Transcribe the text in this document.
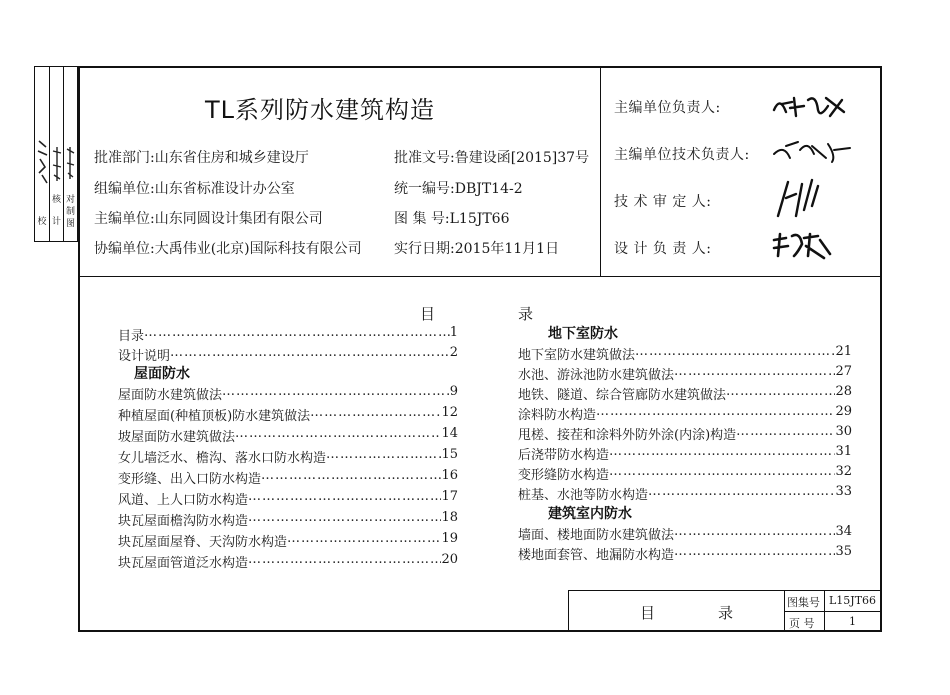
校
核
计
对
制
图
TL系列防水建筑构造
批准部门:山东省住房和城乡建设厅	批准文号:鲁建设函[2015]37号
组编单位:山东省标准设计办公室	统一编号:DBJT14-2
主编单位:山东同圆设计集团有限公司	图 集 号:L15JT66
协编单位:大禹伟业(北京)国际科技有限公司 实行日期:2015年11月1日
主编单位负责人:
主编单位技术负责人:
技 术 审 定 人:
设 计 负 责 人:
目	录
目录 …………………………………………………………………………………………………………………………………	1
设计说明 …………………………………………………………………………………………………………………………………	2
屋面防水
屋面防水建筑做法 …………………………………………………………………………………………………………………………………	9
种植屋面(种植顶板)防水建筑做法 …………………………………………………………………………………………………………………………………	12
坡屋面防水建筑做法 …………………………………………………………………………………………………………………………………	14
女儿墙泛水、檐沟、落水口防水构造 …………………………………………………………………………………………………………………………………	15
变形缝、出入口防水构造 …………………………………………………………………………………………………………………………………	16
风道、上人口防水构造 …………………………………………………………………………………………………………………………………	17
块瓦屋面檐沟防水构造 …………………………………………………………………………………………………………………………………	18
块瓦屋面屋脊、天沟防水构造 …………………………………………………………………………………………………………………………………	19
块瓦屋面管道泛水构造 …………………………………………………………………………………………………………………………………	20
地下室防水
地下室防水建筑做法 …………………………………………………………………………………………………………………………………	21
水池、游泳池防水建筑做法 …………………………………………………………………………………………………………………………………	27
地铁、隧道、综合管廊防水建筑做法 …………………………………………………………………………………………………………………………………	28
涂料防水构造 …………………………………………………………………………………………………………………………………	29
甩槎、接茬和涂料外防外涂(内涂)构造 …………………………………………………………………………………………………………………………………	30
后浇带防水构造 …………………………………………………………………………………………………………………………………	31
变形缝防水构造 …………………………………………………………………………………………………………………………………	32
桩基、水池等防水构造 …………………………………………………………………………………………………………………………………	33
建筑室内防水
墙面、楼地面防水建筑做法 …………………………………………………………………………………………………………………………………	34
楼地面套管、地漏防水构造 …………………………………………………………………………………………………………………………………	35
目	录
图集号 L15JT66
页 号	1
